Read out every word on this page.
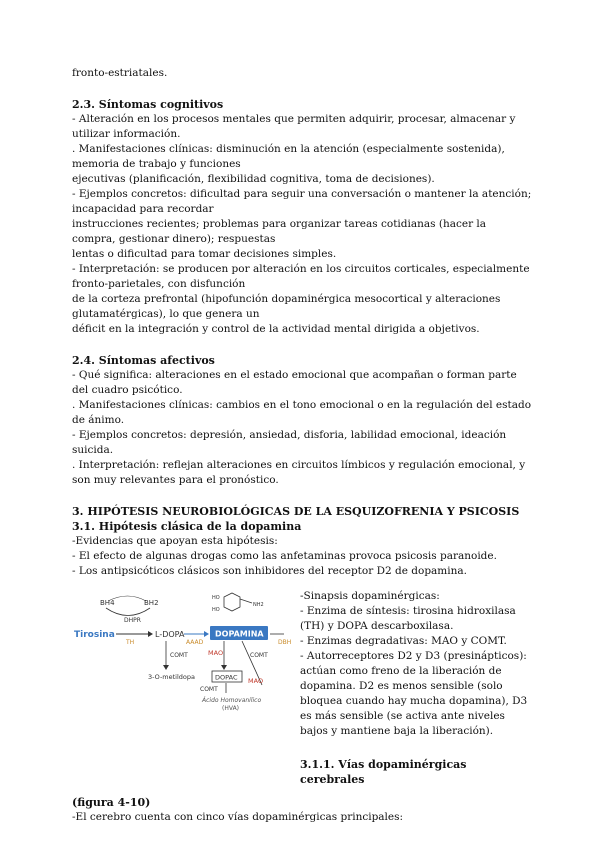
fronto-estriatales.

2.3. Síntomas cognitivos

- Alteración en los procesos mentales que permiten adquirir, procesar, almacenar y utilizar información.

. Manifestaciones clínicas: disminución en la atención (especialmente sostenida), memoria de trabajo y funciones

ejecutivas (planificación, flexibilidad cognitiva, toma de decisiones).

- Ejemplos concretos: dificultad para seguir una conversación o mantener la atención; incapacidad para recordar

instrucciones recientes; problemas para organizar tareas cotidianas (hacer la compra, gestionar dinero); respuestas

lentas o dificultad para tomar decisiones simples.

- Interpretación: se producen por alteración en los circuitos corticales, especialmente fronto-parietales, con disfunción

de la corteza prefrontal (hipofunción dopaminérgica mesocortical y alteraciones glutamatérgicas), lo que genera un

déficit en la integración y control de la actividad mental dirigida a objetivos.

2.4. Síntomas afectivos

- Qué significa: alteraciones en el estado emocional que acompañan o forman parte del cuadro psicótico.

. Manifestaciones clínicas: cambios en el tono emocional o en la regulación del estado de ánimo.

- Ejemplos concretos: depresión, ansiedad, disforia, labilidad emocional, ideación suicida.

. Interpretación: reflejan alteraciones en circuitos límbicos y regulación emocional, y son muy relevantes para el pronóstico.

3. HIPÓTESIS NEUROBIOLÓGICAS DE LA ESQUIZOFRENIA Y PSICOSIS
3.1. Hipótesis clásica de la dopamina

-Evidencias que apoyan esta hipótesis:

- El efecto de algunas drogas como las anfetaminas provoca psicosis paranoide.

- Los antipsicóticos clásicos son inhibidores del receptor D2 de dopamina.

BH4	BH2
DHPR
Tirosina
TH
L-DOPA
AAAD
DOPAMINA
DBH
NH2
HO
HO
COMT
3-O-metildopa
MAO	COMT
DOPAC
COMT
MAO
Ácido Homovanílico
(HVA)

-Sinapsis dopaminérgicas:

- Enzima de síntesis: tirosina hidroxilasa (TH) y DOPA descarboxilasa.

- Enzimas degradativas: MAO y COMT.

- Autorreceptores D2 y D3 (presinápticos): actúan como freno de la liberación de dopamina. D2 es menos sensible (solo bloquea cuando hay mucha dopamina), D3 es más sensible (se activa ante niveles bajos y mantiene baja la liberación).

3.1.1. Vías dopaminérgicas cerebrales
(figura 4-10)

-El cerebro cuenta con cinco vías dopaminérgicas principales:
